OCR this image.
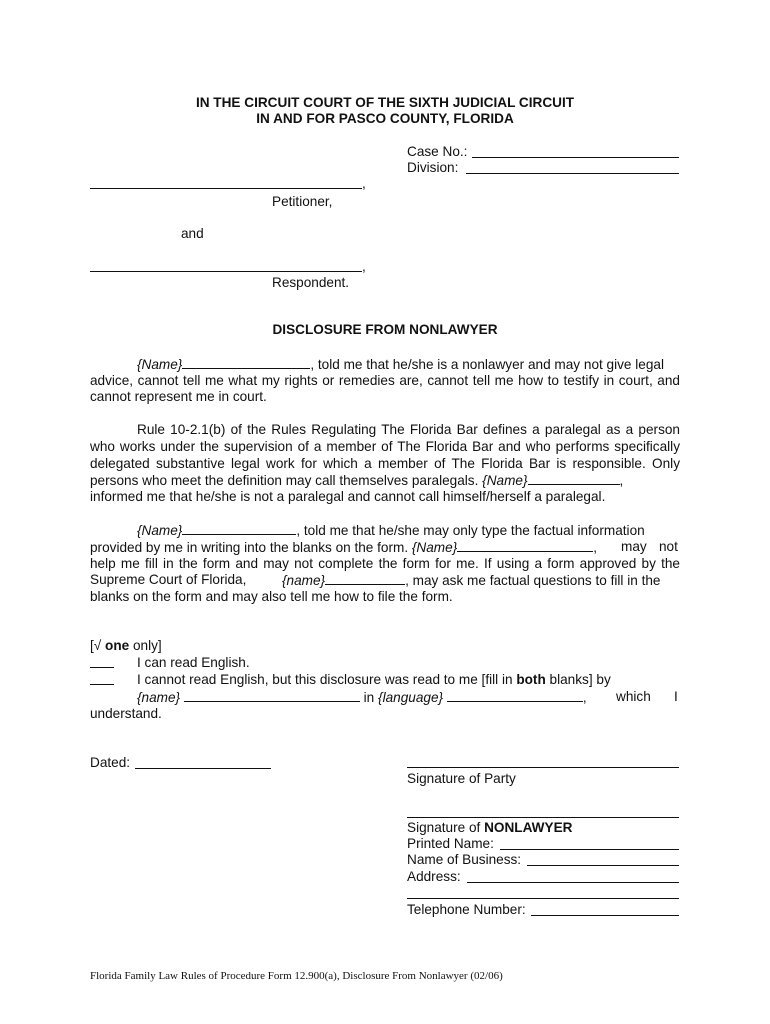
IN THE CIRCUIT COURT OF THE SIXTH JUDICIAL CIRCUIT
IN AND FOR PASCO COUNTY, FLORIDA
Case No.:
Division:
,
Petitioner,
and
,
Respondent.
DISCLOSURE FROM NONLAWYER
{Name}	, told me that he/she is a nonlawyer and may not give legal
advice, cannot tell me what my rights or remedies are, cannot tell me how to testify in court, and
cannot represent me in court.
Rule 10-2.1(b) of the Rules Regulating The Florida Bar defines a paralegal as a person
who works under the supervision of a member of The Florida Bar and who performs specifically
delegated substantive legal work for which a member of The Florida Bar is responsible. Only
persons who meet the definition may call themselves paralegals. {Name}	,
informed me that he/she is not a paralegal and cannot call himself/herself a paralegal.
{Name}	, told me that he/she may only type the factual information
provided by me in writing into the blanks on the form. {Name}	, may not
help me fill in the form and may not complete the form for me. If using a form approved by the
Supreme Court of Florida,	{name}	, may ask me factual questions to fill in the
blanks on the form and may also tell me how to file the form.
[√ one only]
I can read English.
I cannot read English, but this disclosure was read to me [fill in both blanks] by
{name}	in {language}	, which I
understand.
Dated:
Signature of Party
Signature of NONLAWYER
Printed Name:
Name of Business:
Address:
Telephone Number:
Florida Family Law Rules of Procedure Form 12.900(a), Disclosure From Nonlawyer (02/06)
